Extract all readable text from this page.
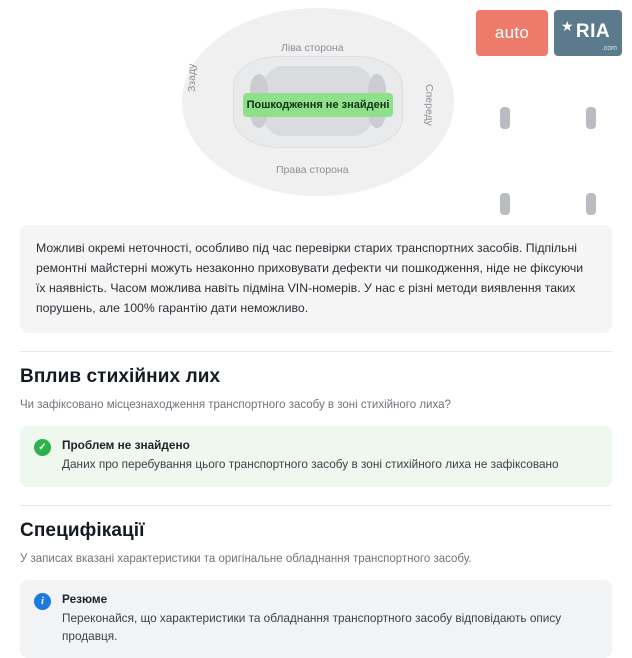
auto ★ RIA
.com
Пошкодження не знайдені
Ліва сторона
Права сторона
Ззаду
Спереду
Можливі окремі неточності, особливо під час перевірки старих транспортних засобів. Підпільні ремонтні майстерні можуть незаконно приховувати дефекти чи пошкодження, ніде не фіксуючи їх наявність. Часом можлива навіть підміна VIN-номерів. У нас є різні методи виявлення таких порушень, але 100% гарантію дати неможливо.
Вплив стихійних лих

Чи зафіксовано місцезнаходження транспортного засобу в зоні стихійного лиха?

✓	Проблем не знайдено
Даних про перебування цього транспортного засобу в зоні стихійного лиха не зафіксовано
Специфікації

У записах вказані характеристики та оригінальне обладнання транспортного засобу.

i	Резюме
Переконайся, що характеристики та обладнання транспортного засобу відповідають опису продавця.
